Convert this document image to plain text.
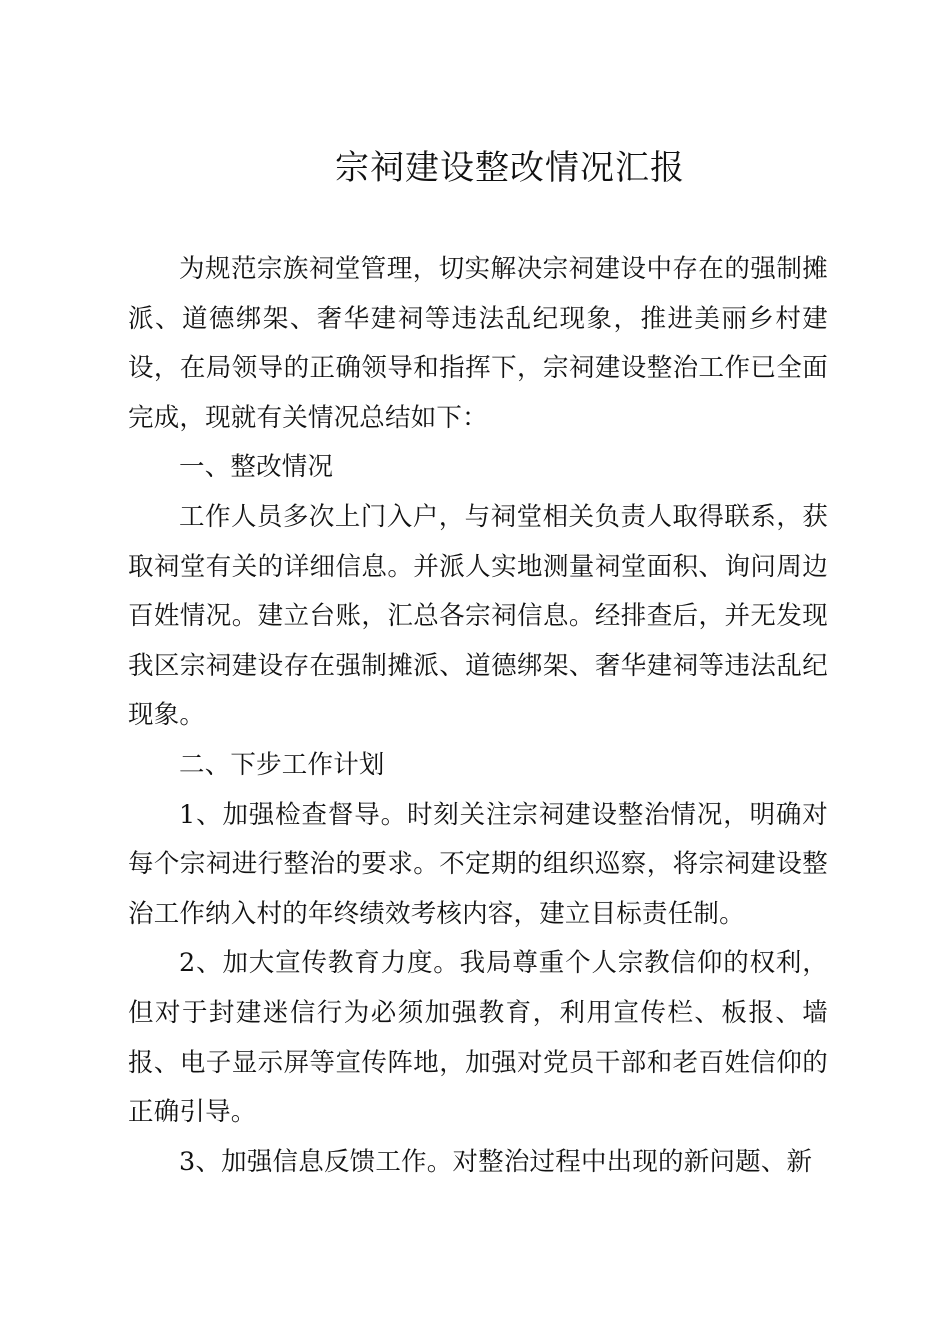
宗祠建设整改情况汇报

为规范宗族祠堂管理，切实解决宗祠建设中存在的强制摊派、道德绑架、奢华建祠等违法乱纪现象，推进美丽乡村建设，在局领导的正确领导和指挥下，宗祠建设整治工作已全面完成，现就有关情况总结如下：

一、整改情况

工作人员多次上门入户，与祠堂相关负责人取得联系，获取祠堂有关的详细信息。并派人实地测量祠堂面积、询问周边百姓情况。建立台账，汇总各宗祠信息。经排查后，并无发现我区宗祠建设存在强制摊派、道德绑架、奢华建祠等违法乱纪现象。

二、下步工作计划

1、加强检查督导。时刻关注宗祠建设整治情况，明确对每个宗祠进行整治的要求。不定期的组织巡察，将宗祠建设整治工作纳入村的年终绩效考核内容，建立目标责任制。

2、加大宣传教育力度。我局尊重个人宗教信仰的权利，但对于封建迷信行为必须加强教育，利用宣传栏、板报、墙报、电子显示屏等宣传阵地，加强对党员干部和老百姓信仰的正确引导。

3、加强信息反馈工作。对整治过程中出现的新问题、新
